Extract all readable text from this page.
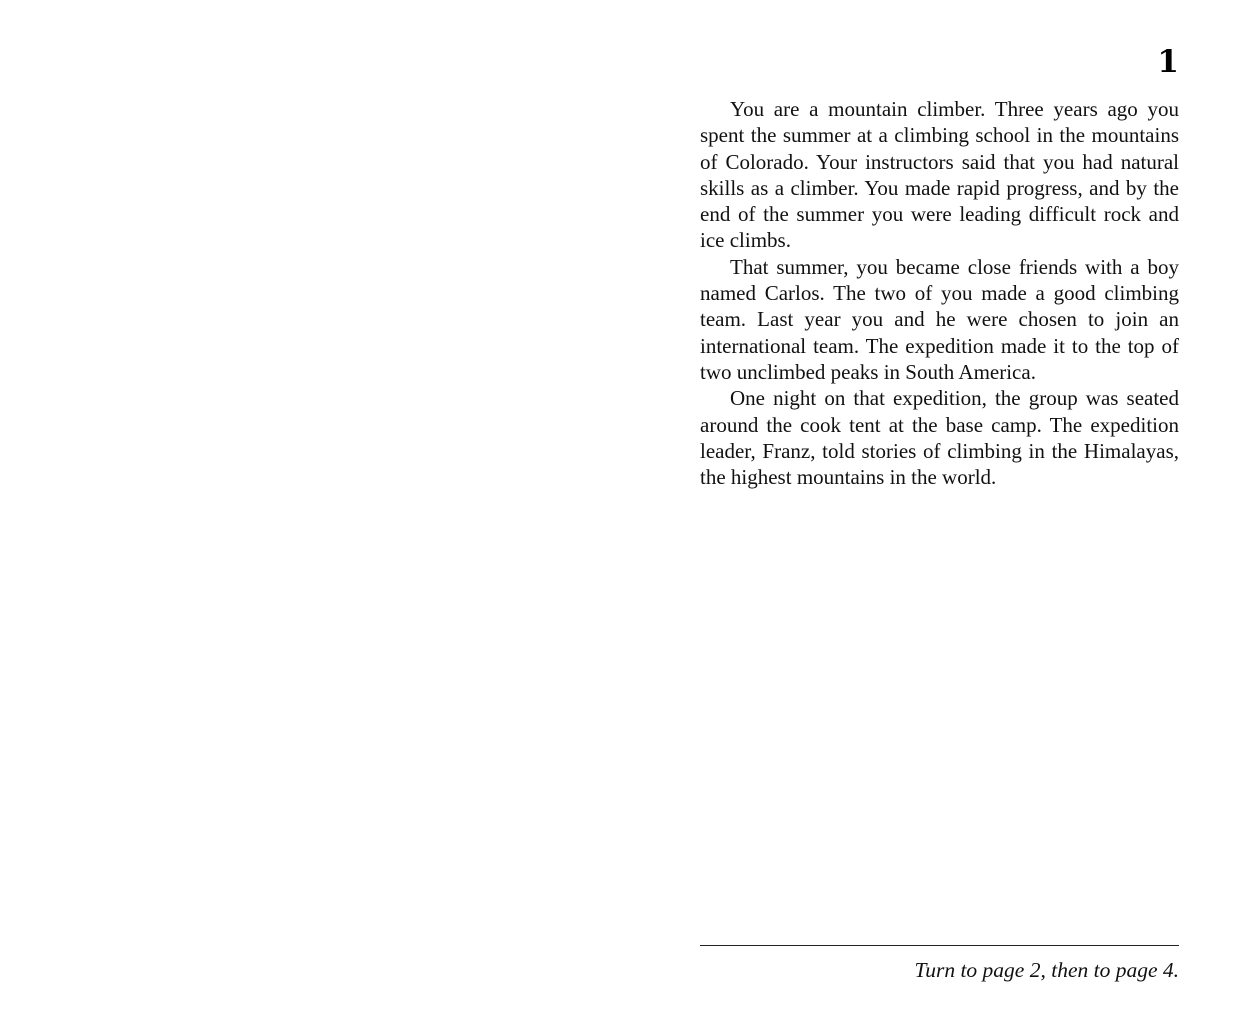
1

You are a mountain climber. Three years ago you spent the summer at a climbing school in the mountains of Colorado. Your instructors said that you had natural skills as a climber. You made rapid progress, and by the end of the summer you were leading difficult rock and ice climbs.

That summer, you became close friends with a boy named Carlos. The two of you made a good climbing team. Last year you and he were chosen to join an international team. The expedition made it to the top of two unclimbed peaks in South America.

One night on that expedition, the group was seated around the cook tent at the base camp. The expedition leader, Franz, told stories of climbing in the Himalayas, the highest mountains in the world.

Turn to page 2, then to page 4.
